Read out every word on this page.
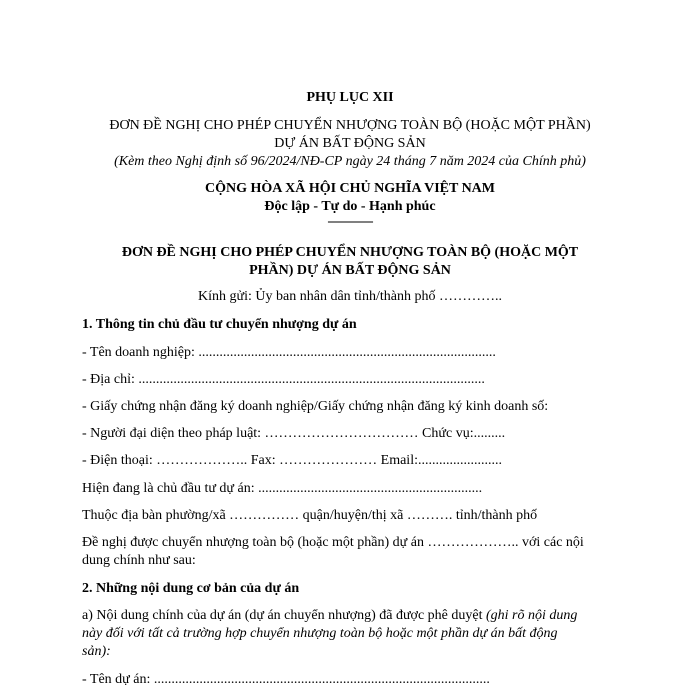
PHỤ LỤC XII
ĐƠN ĐỀ NGHỊ CHO PHÉP CHUYỂN NHƯỢNG TOÀN BỘ (HOẶC MỘT PHẦN)
DỰ ÁN BẤT ĐỘNG SẢN
(Kèm theo Nghị định số 96/2024/NĐ-CP ngày 24 tháng 7 năm 2024 của Chính phủ)
CỘNG HÒA XÃ HỘI CHỦ NGHĨA VIỆT NAM
Độc lập - Tự do - Hạnh phúc
---------------
ĐƠN ĐỀ NGHỊ CHO PHÉP CHUYỂN NHƯỢNG TOÀN BỘ (HOẶC MỘT
PHẦN) DỰ ÁN BẤT ĐỘNG SẢN
Kính gửi: Ủy ban nhân dân tỉnh/thành phố …………..
1. Thông tin chủ đầu tư chuyển nhượng dự án
- Tên doanh nghiệp: .....................................................................................
- Địa chỉ: ...................................................................................................
- Giấy chứng nhận đăng ký doanh nghiệp/Giấy chứng nhận đăng ký kinh doanh số:
- Người đại diện theo pháp luật: …………………………… Chức vụ:.........
- Điện thoại: ……………….. Fax: ………………… Email:........................
Hiện đang là chủ đầu tư dự án: ................................................................
Thuộc địa bàn phường/xã …………… quận/huyện/thị xã ………. tỉnh/thành phố
Đề nghị được chuyển nhượng toàn bộ (hoặc một phần) dự án ……………….. với các nội
dung chính như sau:
2. Những nội dung cơ bản của dự án
a) Nội dung chính của dự án (dự án chuyển nhượng) đã được phê duyệt (ghi rõ nội dung
này đối với tất cả trường hợp chuyển nhượng toàn bộ hoặc một phần dự án bất động
sản):
- Tên dự án: ................................................................................................
